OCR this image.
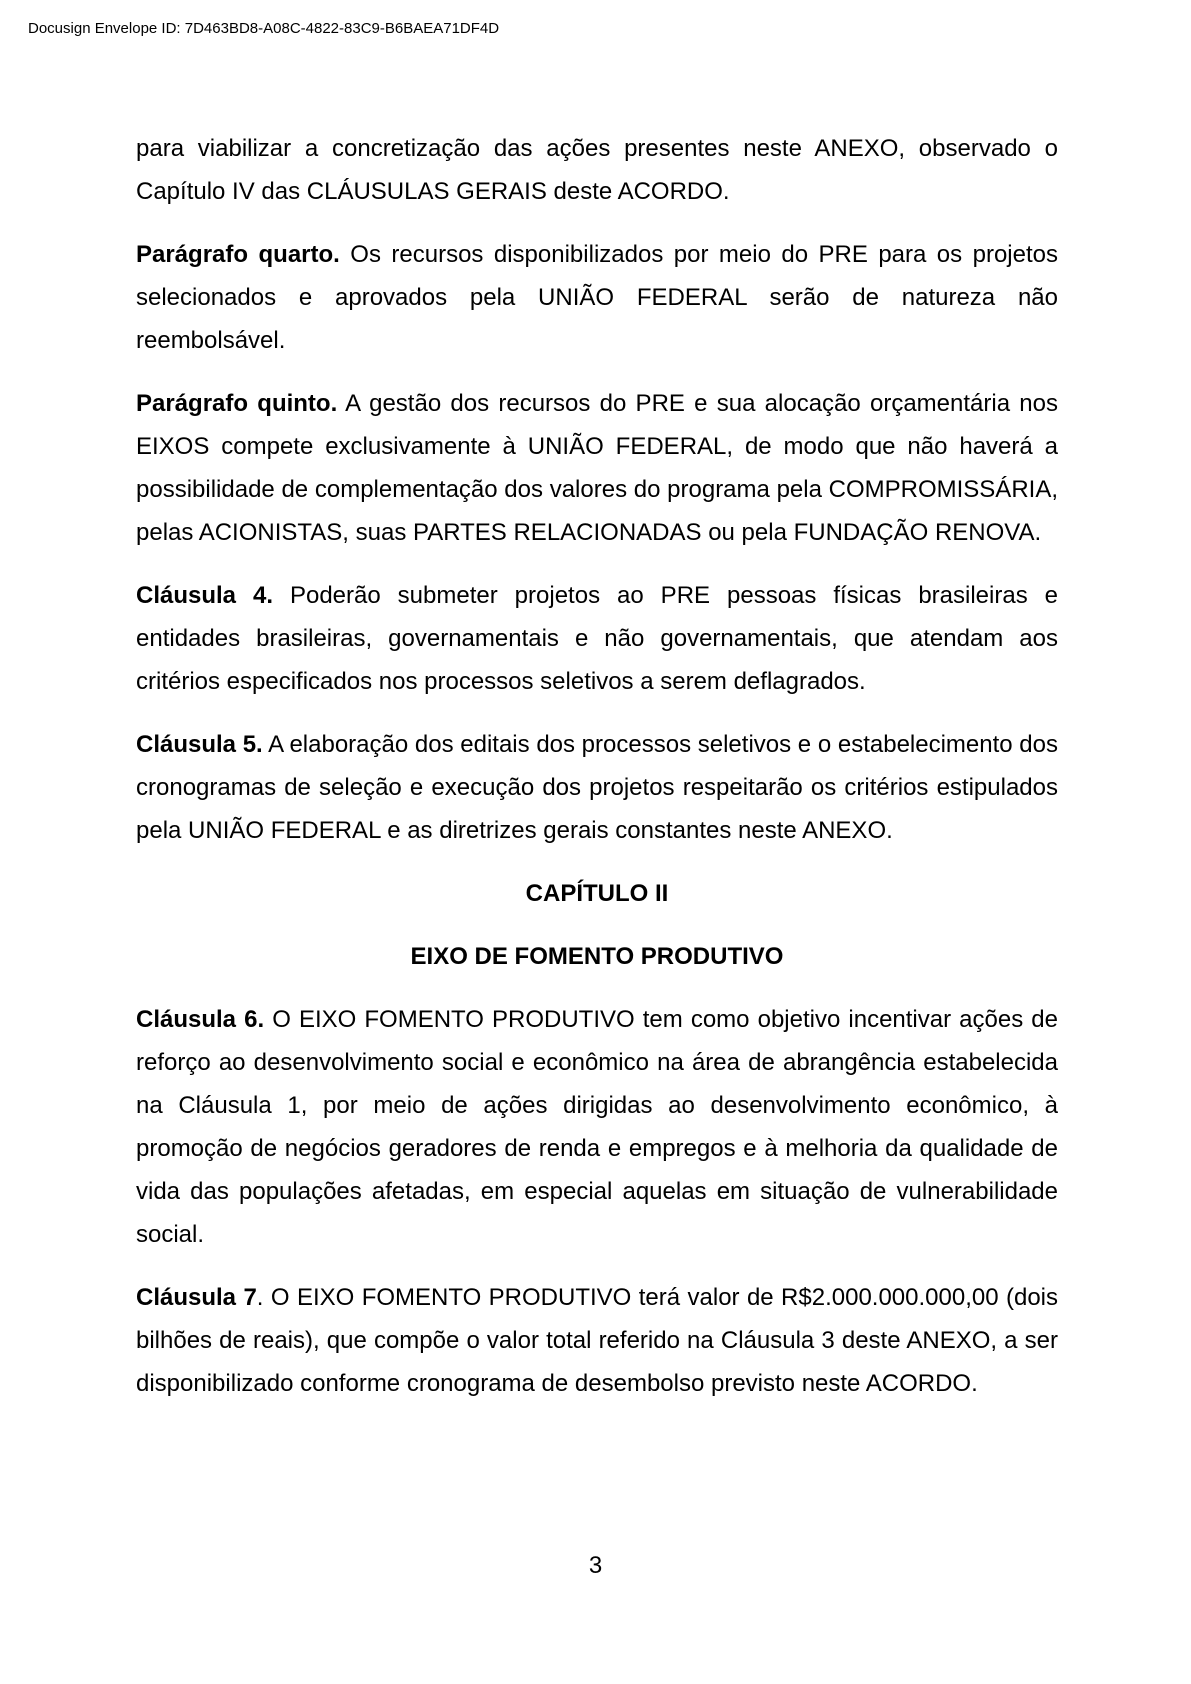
Docusign Envelope ID: 7D463BD8-A08C-4822-83C9-B6BAEA71DF4D

para viabilizar a concretização das ações presentes neste ANEXO, observado o Capítulo IV das CLÁUSULAS GERAIS deste ACORDO.

Parágrafo quarto. Os recursos disponibilizados por meio do PRE para os projetos selecionados e aprovados pela UNIÃO FEDERAL serão de natureza não reembolsável.

Parágrafo quinto. A gestão dos recursos do PRE e sua alocação orçamentária nos EIXOS compete exclusivamente à UNIÃO FEDERAL, de modo que não haverá a possibilidade de complementação dos valores do programa pela COMPROMISSÁRIA, pelas ACIONISTAS, suas PARTES RELACIONADAS ou pela FUNDAÇÃO RENOVA.

Cláusula 4. Poderão submeter projetos ao PRE pessoas físicas brasileiras e entidades brasileiras, governamentais e não governamentais, que atendam aos critérios especificados nos processos seletivos a serem deflagrados.

Cláusula 5. A elaboração dos editais dos processos seletivos e o estabelecimento dos cronogramas de seleção e execução dos projetos respeitarão os critérios estipulados pela UNIÃO FEDERAL e as diretrizes gerais constantes neste ANEXO.

CAPÍTULO II

EIXO DE FOMENTO PRODUTIVO

Cláusula 6. O EIXO FOMENTO PRODUTIVO tem como objetivo incentivar ações de reforço ao desenvolvimento social e econômico na área de abrangência estabelecida na Cláusula 1, por meio de ações dirigidas ao desenvolvimento econômico, à promoção de negócios geradores de renda e empregos e à melhoria da qualidade de vida das populações afetadas, em especial aquelas em situação de vulnerabilidade social.

Cláusula 7. O EIXO FOMENTO PRODUTIVO terá valor de R$2.000.000.000,00 (dois bilhões de reais), que compõe o valor total referido na Cláusula 3 deste ANEXO, a ser disponibilizado conforme cronograma de desembolso previsto neste ACORDO.

3
